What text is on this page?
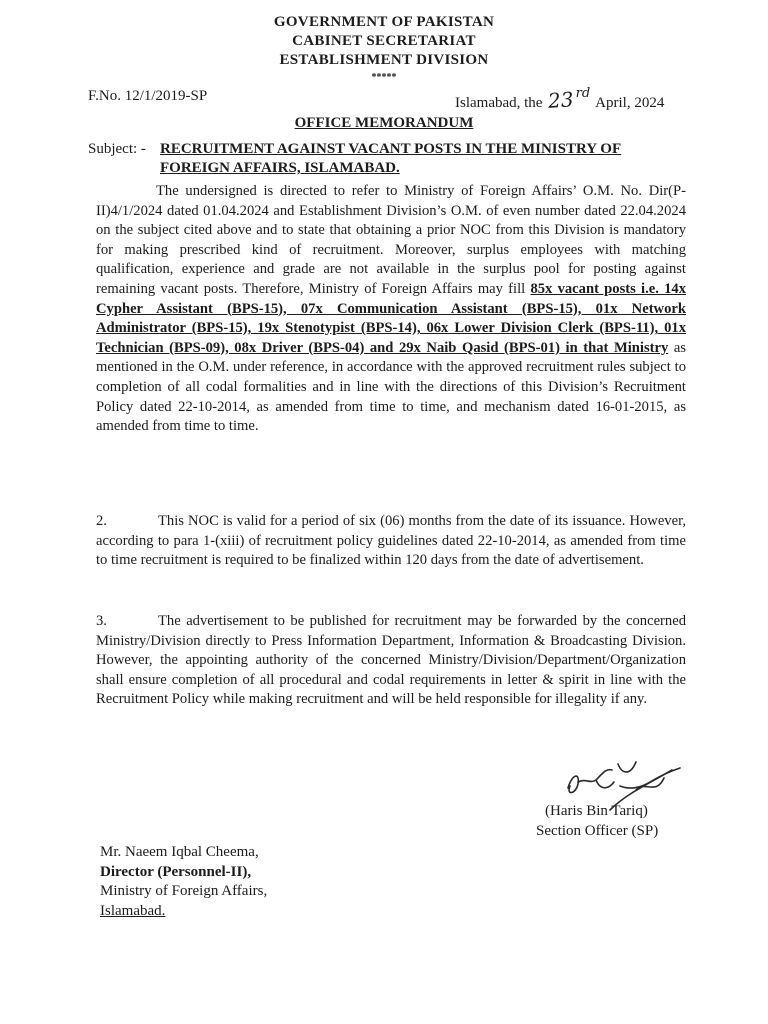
GOVERNMENT OF PAKISTAN
CABINET SECRETARIAT
ESTABLISHMENT DIVISION
*****
F.No. 12/1/2019-SP	Islamabad, the 23rd April, 2024
OFFICE MEMORANDUM
Subject: - RECRUITMENT AGAINST VACANT POSTS IN THE MINISTRY OF FOREIGN AFFAIRS, ISLAMABAD.
The undersigned is directed to refer to Ministry of Foreign Affairs’ O.M. No. Dir(P-II)4/1/2024 dated 01.04.2024 and Establishment Division’s O.M. of even number dated 22.04.2024 on the subject cited above and to state that obtaining a prior NOC from this Division is mandatory for making prescribed kind of recruitment. Moreover, surplus employees with matching qualification, experience and grade are not available in the surplus pool for posting against remaining vacant posts. Therefore, Ministry of Foreign Affairs may fill 85x vacant posts i.e. 14x Cypher Assistant (BPS-15), 07x Communication Assistant (BPS-15), 01x Network Administrator (BPS-15), 19x Stenotypist (BPS-14), 06x Lower Division Clerk (BPS-11), 01x Technician (BPS-09), 08x Driver (BPS-04) and 29x Naib Qasid (BPS-01) in that Ministry as mentioned in the O.M. under reference, in accordance with the approved recruitment rules subject to completion of all codal formalities and in line with the directions of this Division’s Recruitment Policy dated 22-10-2014, as amended from time to time, and mechanism dated 16-01-2015, as amended from time to time.
2.	This NOC is valid for a period of six (06) months from the date of its issuance. However, according to para 1-(xiii) of recruitment policy guidelines dated 22-10-2014, as amended from time to time recruitment is required to be finalized within 120 days from the date of advertisement.
3.	The advertisement to be published for recruitment may be forwarded by the concerned Ministry/Division directly to Press Information Department, Information & Broadcasting Division. However, the appointing authority of the concerned Ministry/Division/Department/Organization shall ensure completion of all procedural and codal requirements in letter & spirit in line with the Recruitment Policy while making recruitment and will be held responsible for illegality if any.
(Haris Bin Tariq)
Section Officer (SP)
Mr. Naeem Iqbal Cheema,
Director (Personnel-II),
Ministry of Foreign Affairs,
Islamabad.
